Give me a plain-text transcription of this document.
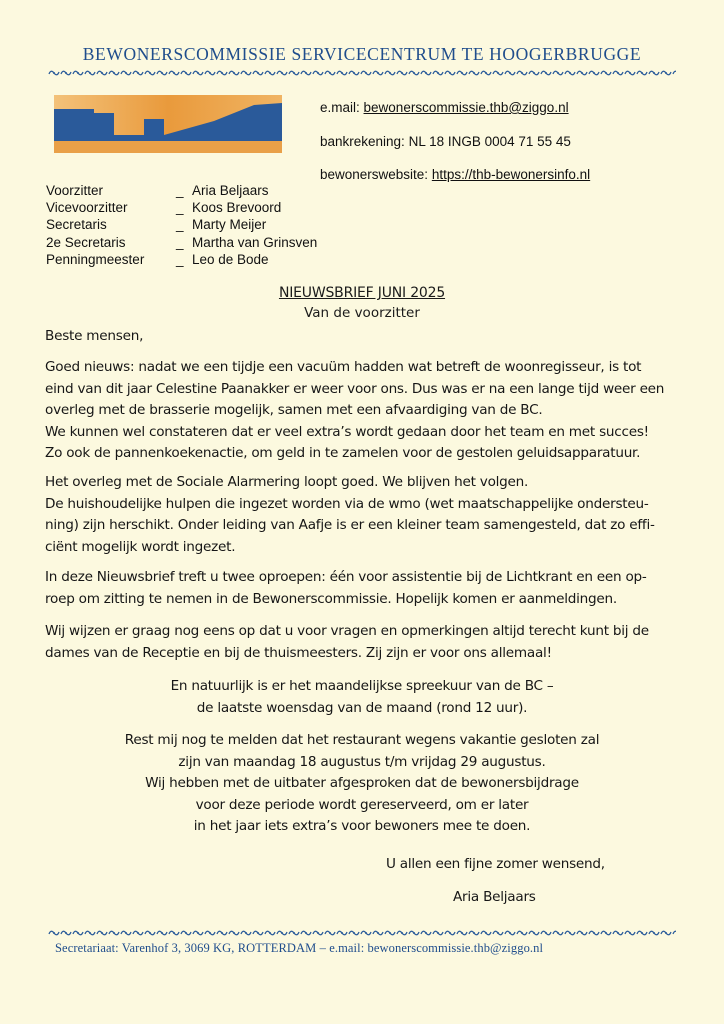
BEWONERSCOMMISSIE SERVICECENTRUM TE HOOGERBRUGGE
e.mail: bewonerscommissie.thb@ziggo.nl
bankrekening: NL 18 INGB 0004 71 55 45
bewonerswebsite: https://thb-bewonersinfo.nl
Voorzitter	_ Aria Beljaars
Vicevoorzitter	_ Koos Brevoord
Secretaris	_ Marty Meijer
2e Secretaris	_ Martha van Grinsven
Penningmeester	_ Leo de Bode
NIEUWSBRIEF JUNI 2025
Van de voorzitter
Beste mensen,
Goed nieuws: nadat we een tijdje een vacuüm hadden wat betreft de woonregisseur, is tot
eind van dit jaar Celestine Paanakker er weer voor ons. Dus was er na een lange tijd weer een
overleg met de brasserie mogelijk, samen met een afvaardiging van de BC.
We kunnen wel constateren dat er veel extra’s wordt gedaan door het team en met succes!
Zo ook de pannenkoekenactie, om geld in te zamelen voor de gestolen geluidsapparatuur.
Het overleg met de Sociale Alarmering loopt goed. We blijven het volgen.
De huishoudelijke hulpen die ingezet worden via de wmo (wet maatschappelijke ondersteu-
ning) zijn herschikt. Onder leiding van Aafje is er een kleiner team samengesteld, dat zo effi-
ciënt mogelijk wordt ingezet.
In deze Nieuwsbrief treft u twee oproepen: één voor assistentie bij de Lichtkrant en een op-
roep om zitting te nemen in de Bewonerscommissie. Hopelijk komen er aanmeldingen.
Wij wijzen er graag nog eens op dat u voor vragen en opmerkingen altijd terecht kunt bij de
dames van de Receptie en bij de thuismeesters. Zij zijn er voor ons allemaal!
En natuurlijk is er het maandelijkse spreekuur van de BC –
de laatste woensdag van de maand (rond 12 uur).
Rest mij nog te melden dat het restaurant wegens vakantie gesloten zal
zijn van maandag 18 augustus t/m vrijdag 29 augustus.
Wij hebben met de uitbater afgesproken dat de bewonersbijdrage
voor deze periode wordt gereserveerd, om er later
in het jaar iets extra’s voor bewoners mee te doen.
U allen een fijne zomer wensend,
Aria Beljaars
Secretariaat: Varenhof 3, 3069 KG, ROTTERDAM – e.mail: bewonerscommissie.thb@ziggo.nl
